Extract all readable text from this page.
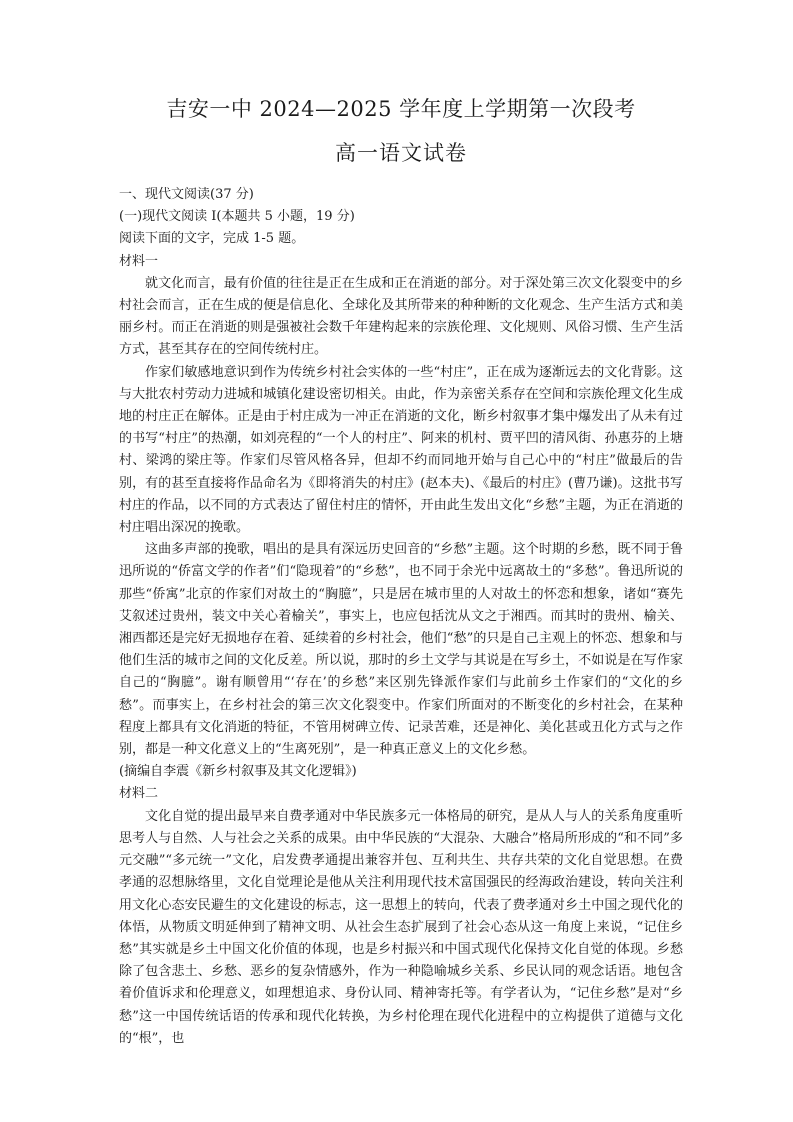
吉安一中 2024—2025 学年度上学期第一次段考
高一语文试卷

一、现代文阅读(37 分)

(一)现代文阅读 Ⅰ(本题共 5 小题，19 分)

阅读下面的文字，完成 1-5 题。

材料一

就文化而言，最有价值的往往是正在生成和正在消逝的部分。对于深处第三次文化裂变中的乡村社会而言，正在生成的便是信息化、全球化及其所带来的种种断的文化观念、生产生活方式和美丽乡村。而正在消逝的则是强被社会数千年建构起来的宗族伦理、文化规则、风俗习惯、生产生活方式，甚至其存在的空间传统村庄。

作家们敏感地意识到作为传统乡村社会实体的一些“村庄”，正在成为逐渐远去的文化背影。这与大批农村劳动力进城和城镇化建设密切相关。由此，作为亲密关系存在空间和宗族伦理文化生成地的村庄正在解体。正是由于村庄成为一冲正在消逝的文化，断乡村叙事才集中爆发出了从未有过的书写“村庄”的热潮，如刘亮程的“一个人的村庄”、阿来的机村、贾平凹的清风街、孙惠芬的上塘村、梁鸿的梁庄等。作家们尽管风格各异，但却不约而同地开始与自己心中的“村庄”做最后的告别，有的甚至直接将作品命名为《即将消失的村庄》(赵本夫)、《最后的村庄》(曹乃谦)。这批书写村庄的作品，以不同的方式表达了留住村庄的情怀，开由此生发出文化“乡愁”主题，为正在消逝的村庄唱出深况的挽歌。

这曲多声部的挽歌，唱出的是具有深远历史回音的“乡愁”主题。这个时期的乡愁，既不同于鲁迅所说的“侨富文学的作者”们“隐现着”的“乡愁”，也不同于余光中远离故土的“多愁”。鲁迅所说的那些“侨寓”北京的作家们对故土的“胸臆”，只是居在城市里的人对故土的怀恋和想象，诸如“赛先艾叙述过贵州，装文中关心着榆关”，事实上，也应包括沈从文之于湘西。而其时的贵州、榆关、湘西都还是完好无损地存在着、延续着的乡村社会，他们“愁”的只是自己主观上的怀恋、想象和与他们生活的城市之间的文化反差。所以说，那时的乡土文学与其说是在写乡土，不如说是在写作家自己的“胸臆”。谢有顺曾用“‘存在’的乡愁”来区别先锋派作家们与此前乡土作家们的“文化的乡愁”。而事实上，在乡村社会的第三次文化裂变中。作家们所面对的不断变化的乡村社会，在某种程度上都具有文化消逝的特征，不管用树碑立传、记录苦难，还是神化、美化甚或丑化方式与之作别，都是一种文化意义上的“生离死别”，是一种真正意义上的文化乡愁。

(摘编自李震《新乡村叙事及其文化逻辑》)

材料二

文化自觉的提出最早来自费孝通对中华民族多元一体格局的研究，是从人与人的关系角度重听思考人与自然、人与社会之关系的成果。由中华民族的“大混杂、大融合”格局所形成的“和不同”多元交融”“多元统一”文化，启发费孝通提出兼容并包、互利共生、共存共荣的文化自觉思想。在费孝通的忍想脉络里，文化自觉理论是他从关注利用现代技术富国强民的经海政治建设，转向关注利用文化心态安民避生的文化建设的标志，这一思想上的转向，代表了费孝通对乡土中国之现代化的体悟，从物质文明延伸到了精神文明、从社会生态扩展到了社会心态从这一角度上来说，“记住乡愁”其实就是乡土中国文化价值的体现，也是乡村振兴和中国式现代化保持文化自觉的体现。乡愁除了包含悲土、乡愁、恶乡的复杂情感外，作为一种隐喻城乡关系、乡民认同的观念话语。地包含着价值诉求和伦理意义，如理想追求、身份认同、精神寄托等。有学者认为，“记住乡愁”是对“乡愁”这一中国传统话语的传承和现代化转换，为乡村伦理在现代化进程中的立构提供了道德与文化的“根”，也
